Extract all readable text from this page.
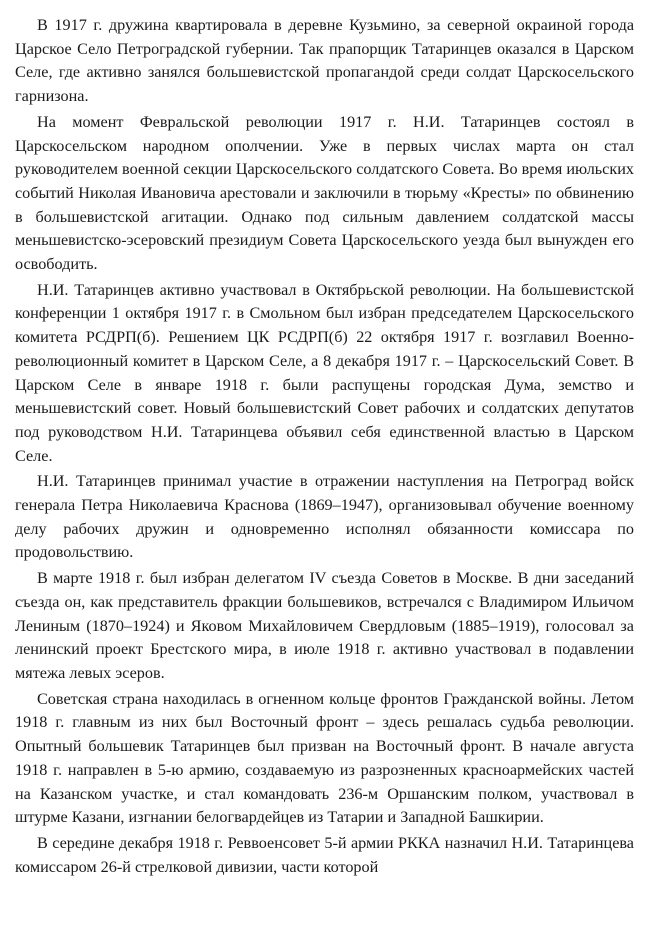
В 1917 г. дружина квартировала в деревне Кузьмино, за северной окраиной города Царское Село Петроградской губернии. Так прапорщик Татаринцев оказался в Царском Селе, где активно занялся большевистской пропагандой среди солдат Царскосельского гарнизона.

На момент Февральской революции 1917 г. Н.И. Татаринцев состоял в Царскосельском народном ополчении. Уже в первых числах марта он стал руководителем военной секции Царскосельского солдатского Совета. Во время июльских событий Николая Ивановича арестовали и заключили в тюрьму «Кресты» по обвинению в большевистской агитации. Однако под сильным давлением солдатской массы меньшевистско-эсеровский президиум Совета Царскосельского уезда был вынужден его освободить.

Н.И. Татаринцев активно участвовал в Октябрьской революции. На большевистской конференции 1 октября 1917 г. в Смольном был избран председателем Царскосельского комитета РСДРП(б). Решением ЦК РСДРП(б) 22 октября 1917 г. возглавил Военно-революционный комитет в Царском Селе, а 8 декабря 1917 г. – Царскосельский Совет. В Царском Селе в январе 1918 г. были распущены городская Дума, земство и меньшевистский совет. Новый большевистский Совет рабочих и солдатских депутатов под руководством Н.И. Татаринцева объявил себя единственной властью в Царском Селе.

Н.И. Татаринцев принимал участие в отражении наступления на Петроград войск генерала Петра Николаевича Краснова (1869–1947), организовывал обучение военному делу рабочих дружин и одновременно исполнял обязанности комиссара по продовольствию.

В марте 1918 г. был избран делегатом IV съезда Советов в Москве. В дни заседаний съезда он, как представитель фракции большевиков, встречался с Владимиром Ильичом Лениным (1870–1924) и Яковом Михайловичем Свердловым (1885–1919), голосовал за ленинский проект Брестского мира, в июле 1918 г. активно участвовал в подавлении мятежа левых эсеров.

Советская страна находилась в огненном кольце фронтов Гражданской войны. Летом 1918 г. главным из них был Восточный фронт – здесь решалась судьба революции. Опытный большевик Татаринцев был призван на Восточный фронт. В начале августа 1918 г. направлен в 5-ю армию, создаваемую из разрозненных красноармейских частей на Казанском участке, и стал командовать 236-м Оршанским полком, участвовал в штурме Казани, изгнании белогвардейцев из Татарии и Западной Башкирии.

В середине декабря 1918 г. Реввоенсовет 5-й армии РККА назначил Н.И. Татаринцева комиссаром 26-й стрелковой дивизии, части которой
